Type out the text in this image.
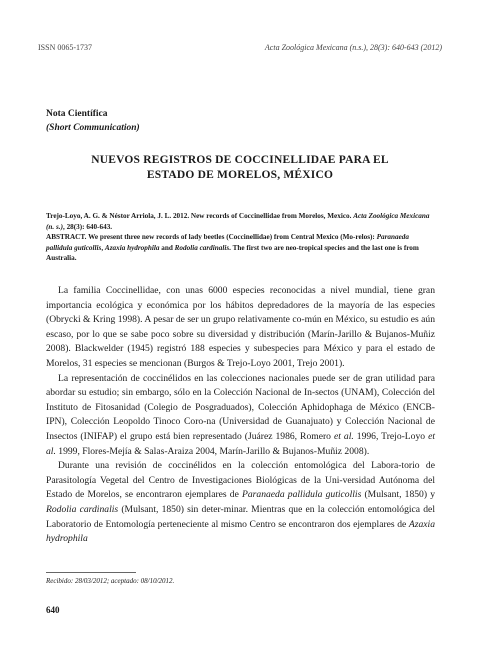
ISSN 0065-1737	Acta Zoológica Mexicana (n.s.), 28(3): 640-643 (2012)
Nota Científica
(Short Communication)
NUEVOS REGISTROS DE COCCINELLIDAE PARA EL
ESTADO DE MORELOS, MÉXICO
Trejo-Loyo, A. G. & Néstor Arriola, J. L. 2012. New records of Coccinellidae from Morelos, Mexico. Acta Zoológica Mexicana (n. s.), 28(3): 640-643.
ABSTRACT. We present three new records of lady beetles (Coccinellidae) from Central Mexico (Mo-relos): Paranaeda pallidula guticollis, Azaxia hydrophila and Rodolia cardinalis. The first two are neo-tropical species and the last one is from Australia.

La familia Coccinellidae, con unas 6000 especies reconocidas a nivel mundial, tiene gran importancia ecológica y económica por los hábitos depredadores de la mayoría de las especies (Obrycki & Kring 1998). A pesar de ser un grupo relativamente co-mún en México, su estudio es aún escaso, por lo que se sabe poco sobre su diversidad y distribución (Marín-Jarillo & Bujanos-Muñiz 2008). Blackwelder (1945) registró 188 especies y subespecies para México y para el estado de Morelos, 31 especies se mencionan (Burgos & Trejo-Loyo 2001, Trejo 2001).

La representación de coccinélidos en las colecciones nacionales puede ser de gran utilidad para abordar su estudio; sin embargo, sólo en la Colección Nacional de In-sectos (UNAM), Colección del Instituto de Fitosanidad (Colegio de Posgraduados), Colección Aphidophaga de México (ENCB-IPN), Colección Leopoldo Tinoco Coro-na (Universidad de Guanajuato) y Colección Nacional de Insectos (INIFAP) el grupo está bien representado (Juárez 1986, Romero et al. 1996, Trejo-Loyo et al. 1999, Flores-Mejía & Salas-Araiza 2004, Marín-Jarillo & Bujanos-Muñiz 2008).

Durante una revisión de coccinélidos en la colección entomológica del Labora-torio de Parasitología Vegetal del Centro de Investigaciones Biológicas de la Uni-versidad Autónoma del Estado de Morelos, se encontraron ejemplares de Paranaeda pallidula guticollis (Mulsant, 1850) y Rodolia cardinalis (Mulsant, 1850) sin deter-minar. Mientras que en la colección entomológica del Laboratorio de Entomología perteneciente al mismo Centro se encontraron dos ejemplares de Azaxia hydrophila

Recibido: 28/03/2012; aceptado: 08/10/2012.
640
